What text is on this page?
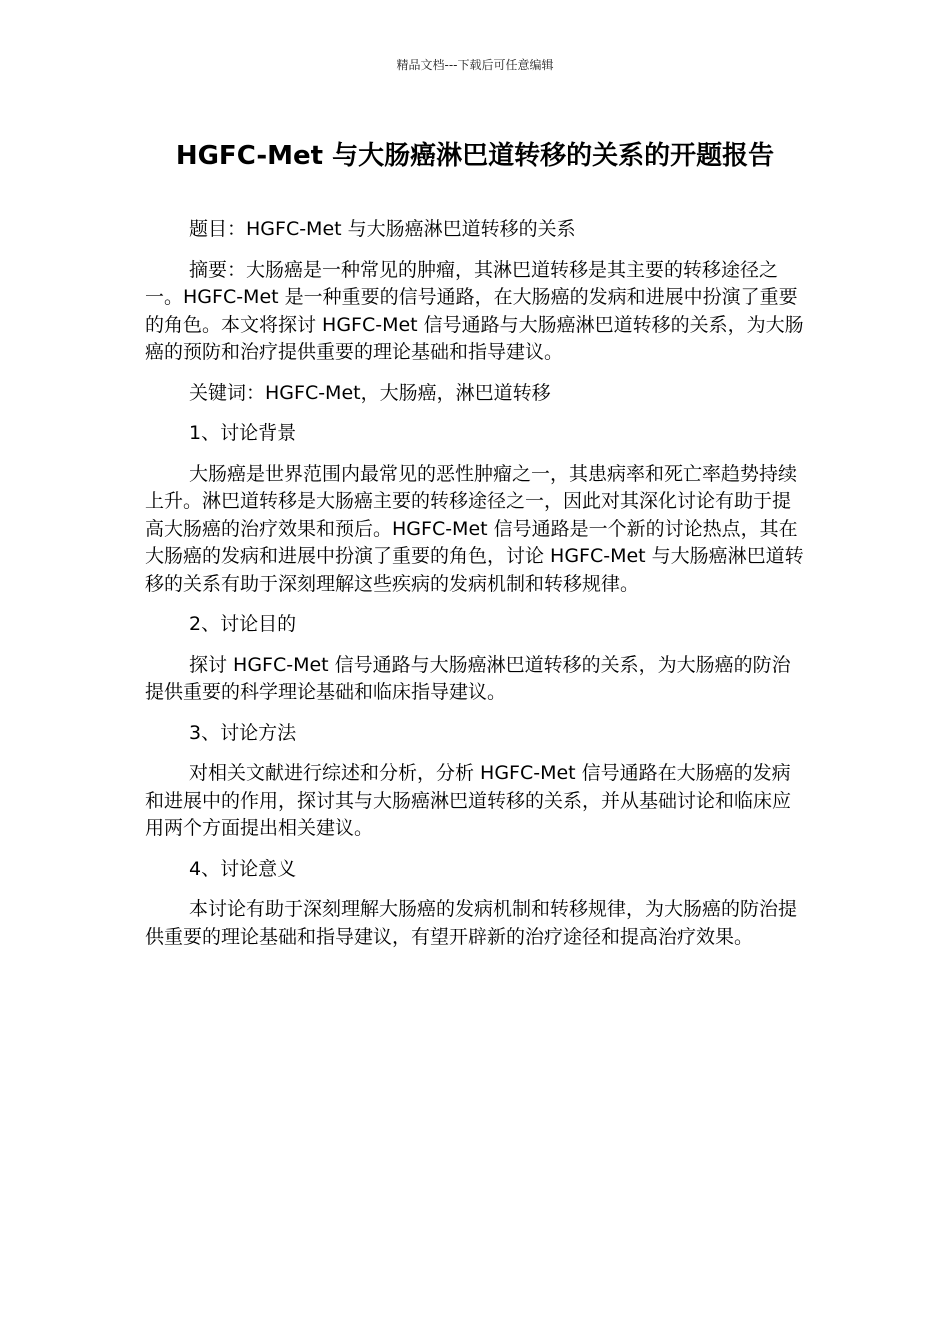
精品文档---下载后可任意编辑
HGFC-Met 与大肠癌淋巴道转移的关系的开题报告

题目：HGFC-Met 与大肠癌淋巴道转移的关系

摘要：大肠癌是一种常见的肿瘤，其淋巴道转移是其主要的转移途径之一。HGFC-Met 是一种重要的信号通路，在大肠癌的发病和进展中扮演了重要的角色。本文将探讨 HGFC-Met 信号通路与大肠癌淋巴道转移的关系，为大肠癌的预防和治疗提供重要的理论基础和指导建议。

关键词：HGFC-Met，大肠癌，淋巴道转移

1、讨论背景

大肠癌是世界范围内最常见的恶性肿瘤之一，其患病率和死亡率趋势持续上升。淋巴道转移是大肠癌主要的转移途径之一，因此对其深化讨论有助于提高大肠癌的治疗效果和预后。HGFC-Met 信号通路是一个新的讨论热点，其在大肠癌的发病和进展中扮演了重要的角色，讨论 HGFC-Met 与大肠癌淋巴道转移的关系有助于深刻理解这些疾病的发病机制和转移规律。

2、讨论目的

探讨 HGFC-Met 信号通路与大肠癌淋巴道转移的关系，为大肠癌的防治提供重要的科学理论基础和临床指导建议。

3、讨论方法

对相关文献进行综述和分析，分析 HGFC-Met 信号通路在大肠癌的发病和进展中的作用，探讨其与大肠癌淋巴道转移的关系，并从基础讨论和临床应用两个方面提出相关建议。

4、讨论意义

本讨论有助于深刻理解大肠癌的发病机制和转移规律，为大肠癌的防治提供重要的理论基础和指导建议，有望开辟新的治疗途径和提高治疗效果。
